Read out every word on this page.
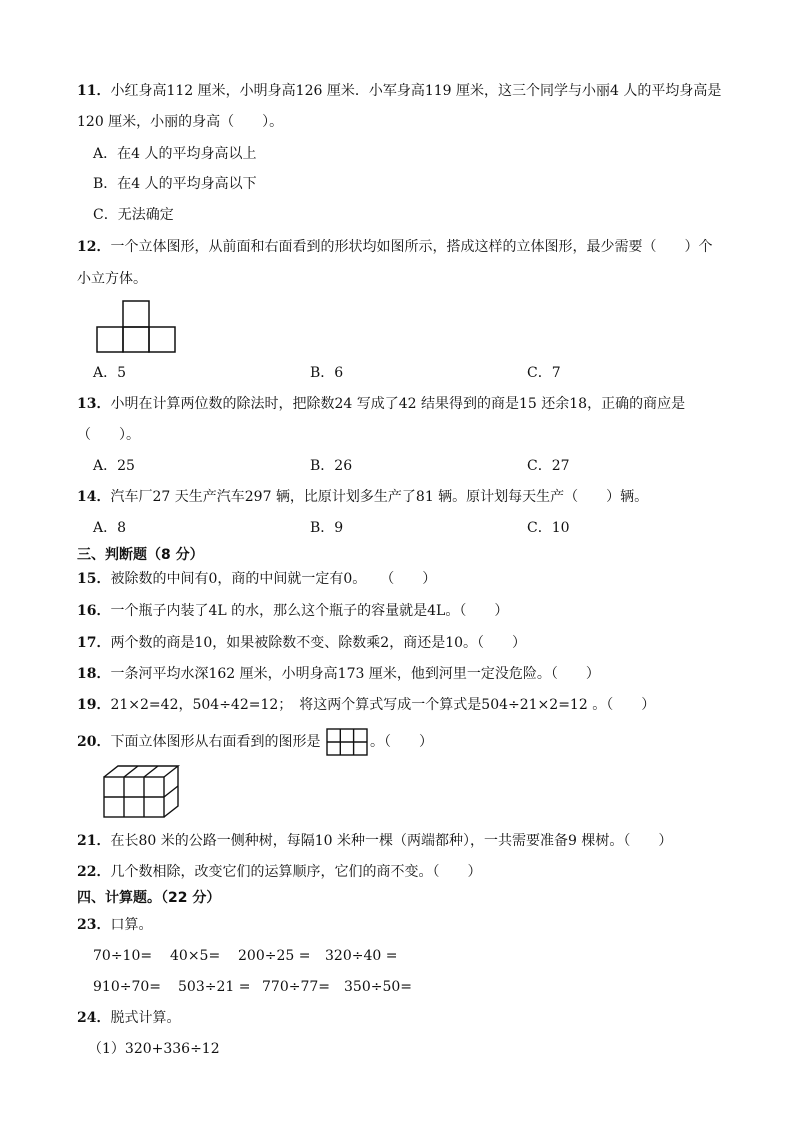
11．小红身高112 厘米，小明身高126 厘米．小军身高119 厘米，这三个同学与小丽4 人的平均身高是
120 厘米，小丽的身高（　　）。
A．在4 人的平均身高以上
B．在4 人的平均身高以下
C．无法确定
12．一个立体图形，从前面和右面看到的形状均如图所示，搭成这样的立体图形，最少需要（　　）个
小立方体。
A．5	B．6	C．7
13．小明在计算两位数的除法时，把除数24 写成了42 结果得到的商是15 还余18，正确的商应是
（　　）。
A．25	B．26	C．27
14．汽车厂27 天生产汽车297 辆，比原计划多生产了81 辆。原计划每天生产（　　）辆。
A．8	B．9	C．10
三、判断题（8 分）
15．被除数的中间有0，商的中间就一定有0。　　（　　）
16．一个瓶子内装了4L 的水，那么这个瓶子的容量就是4L。（　　）
17．两个数的商是10，如果被除数不变、除数乘2，商还是10。（　　）
18．一条河平均水深162 厘米，小明身高173 厘米，他到河里一定没危险。（　　）
19．21×2=42，504÷42=12；　将这两个算式写成一个算式是504÷21×2=12 。（　　）
20．下面立体图形从右面看到的图形是	。（　　）
21．在长80 米的公路一侧种树，每隔10 米种一棵（两端都种），一共需要准备9 棵树。（　　）
22．几个数相除，改变它们的运算顺序，它们的商不变。（　　）
四、计算题。（22 分）
23．口算。
70÷10= 40×5= 200÷25 = 320÷40 =
910÷70= 503÷21 = 770÷77= 350÷50=
24．脱式计算。
（1）320+336÷12
